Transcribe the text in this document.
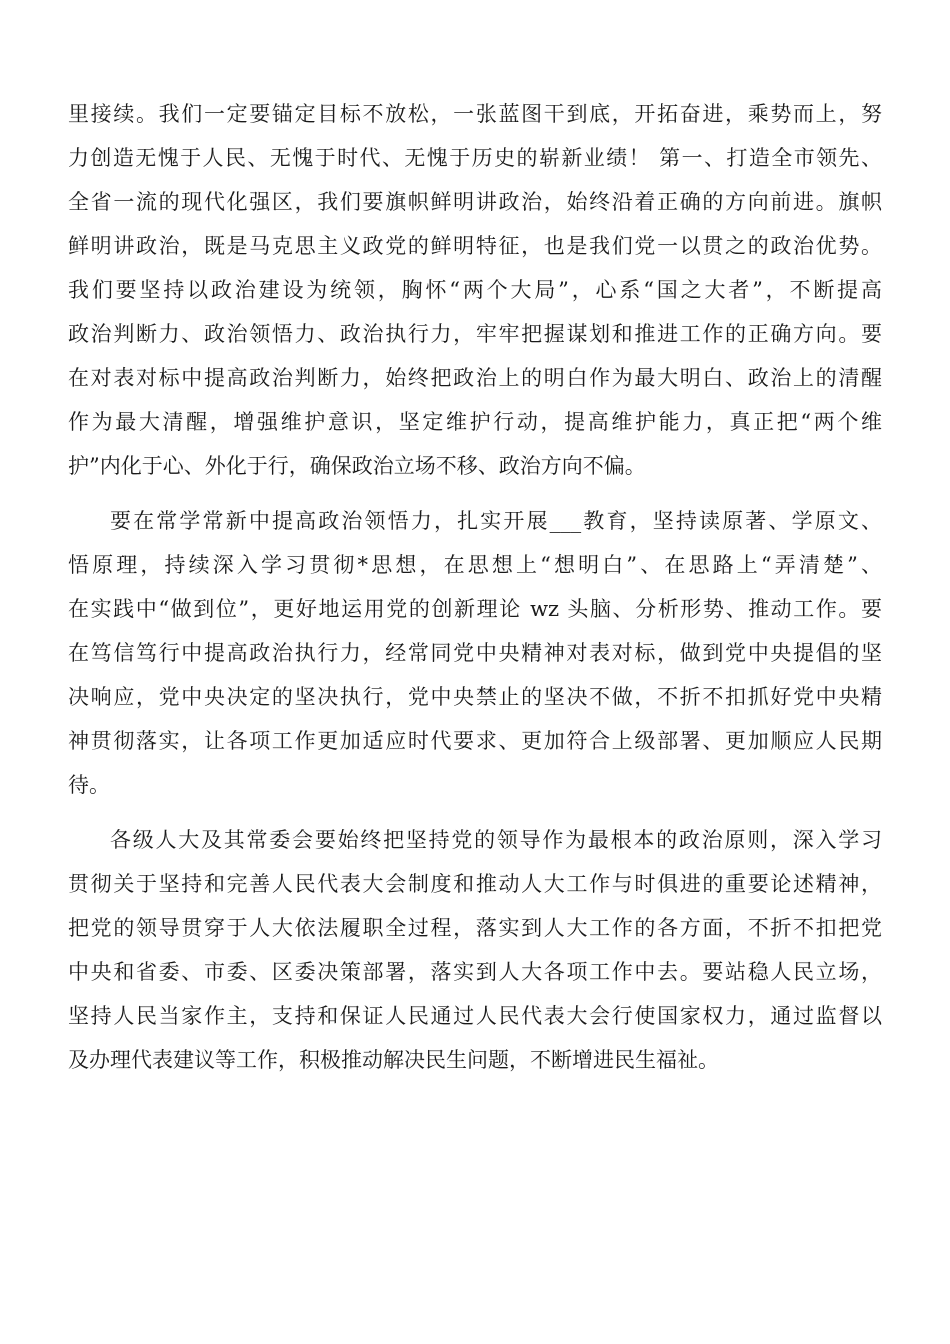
里接续。我们一定要锚定目标不放松，一张蓝图干到底，开拓奋进，乘势而上，努
力创造无愧于人民、无愧于时代、无愧于历史的崭新业绩！ 第一、打造全市领先、
全省一流的现代化强区，我们要旗帜鲜明讲政治，始终沿着正确的方向前进。旗帜
鲜明讲政治，既是马克思主义政党的鲜明特征，也是我们党一以贯之的政治优势。
我们要坚持以政治建设为统领，胸怀“两个大局”，心系“国之大者”，不断提高
政治判断力、政治领悟力、政治执行力，牢牢把握谋划和推进工作的正确方向。要
在对表对标中提高政治判断力，始终把政治上的明白作为最大明白、政治上的清醒
作为最大清醒，增强维护意识，坚定维护行动，提高维护能力，真正把“两个维
护”内化于心、外化于行，确保政治立场不移、政治方向不偏。
要在常学常新中提高政治领悟力，扎实开展___教育，坚持读原著、学原文、
悟原理，持续深入学习贯彻*思想，在思想上“想明白”、在思路上“弄清楚”、
在实践中“做到位”，更好地运用党的创新理论 wz 头脑、分析形势、推动工作。要
在笃信笃行中提高政治执行力，经常同党中央精神对表对标，做到党中央提倡的坚
决响应，党中央决定的坚决执行，党中央禁止的坚决不做，不折不扣抓好党中央精
神贯彻落实，让各项工作更加适应时代要求、更加符合上级部署、更加顺应人民期
待。
各级人大及其常委会要始终把坚持党的领导作为最根本的政治原则，深入学习
贯彻关于坚持和完善人民代表大会制度和推动人大工作与时俱进的重要论述精神，
把党的领导贯穿于人大依法履职全过程，落实到人大工作的各方面，不折不扣把党
中央和省委、市委、区委决策部署，落实到人大各项工作中去。要站稳人民立场，
坚持人民当家作主，支持和保证人民通过人民代表大会行使国家权力，通过监督以
及办理代表建议等工作，积极推动解决民生问题，不断增进民生福祉。
